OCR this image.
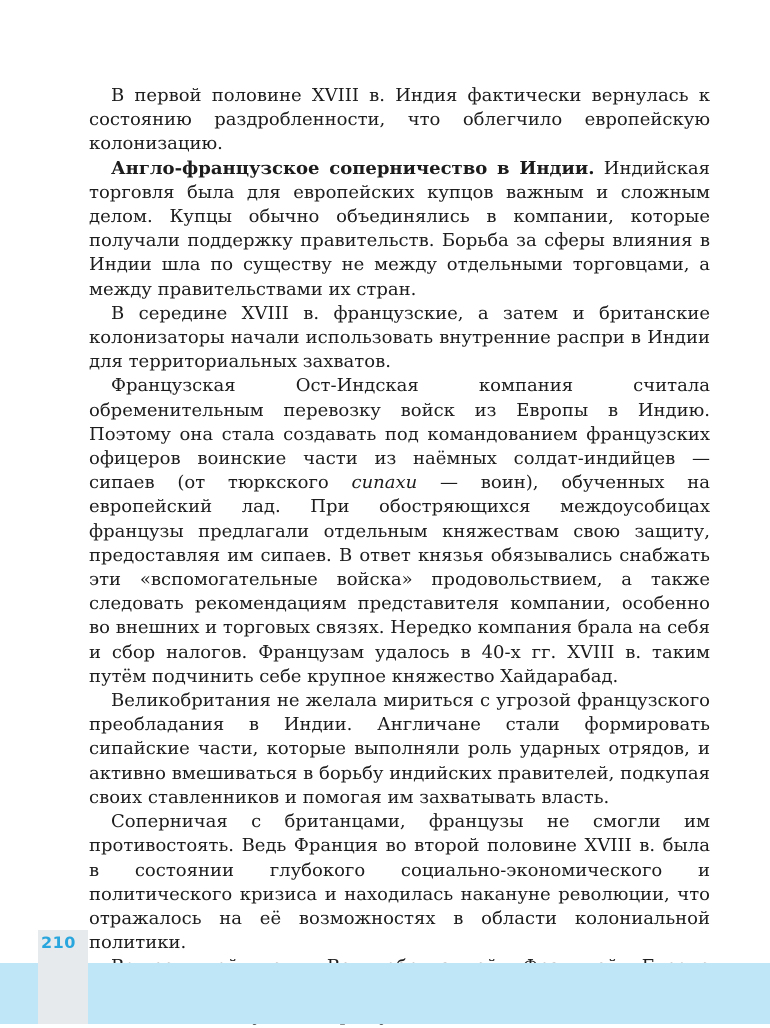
В первой половине XVIII в. Индия фактически вернулась к состоянию раздробленности, что облегчило европейскую колонизацию.

Англо-французское соперничество в Индии. Индийская торговля была для европейских купцов важным и сложным делом. Купцы обычно объединялись в компании, которые получали поддержку правительств. Борьба за сферы влияния в Индии шла по существу не между отдельными торговцами, а между правительствами их стран.

В середине XVIII в. французские, а затем и британские колонизаторы начали использовать внутренние распри в Индии для территориальных захватов.

Французская Ост-Индская компания считала обременительным перевозку войск из Европы в Индию. Поэтому она стала создавать под командованием французских офицеров воинские части из наёмных солдат-индийцев — сипаев (от тюркского сипахи — воин), обученных на европейский лад. При обостряющихся междоусобицах французы предлагали отдельным княжествам свою защиту, предоставляя им сипаев. В ответ князья обязывались снабжать эти «вспомогательные войска» продовольствием, а также следовать рекомендациям представителя компании, особенно во внешних и торговых связях. Нередко компания брала на себя и сбор налогов. Французам удалось в 40-х гг. XVIII в. таким путём подчинить себе крупное княжество Хайдарабад.

Великобритания не желала мириться с угрозой французского преобладания в Индии. Англичане стали формировать сипайские части, которые выполняли роль ударных отрядов, и активно вмешиваться в борьбу индийских правителей, подкупая своих ставленников и помогая им захватывать власть.

Соперничая с британцами, французы не смогли им противостоять. Ведь Франция во второй половине XVIII в. была в состоянии глубокого социально-экономического и политического кризиса и находилась накануне революции, что отражалось на её возможностях в области колониальной политики.

210
